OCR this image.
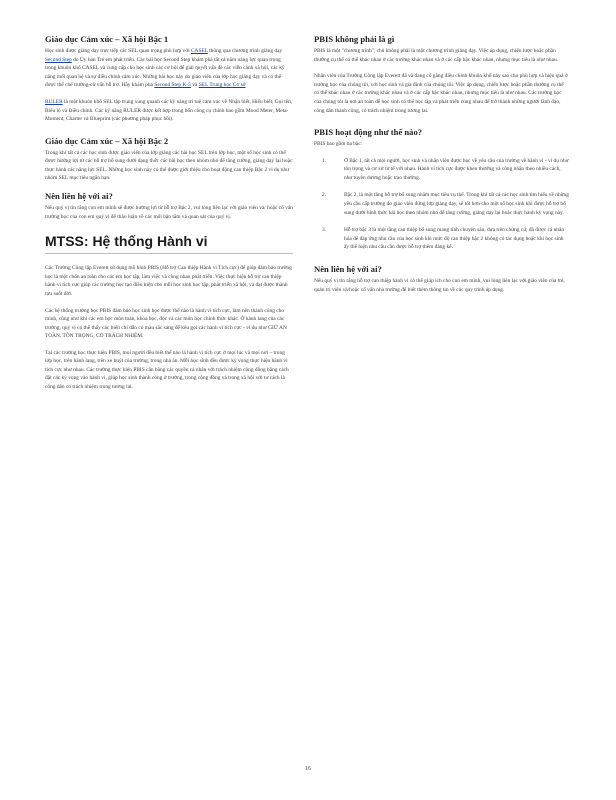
Giáo dục Cảm xúc – Xã hội Bậc 1

Học sinh được giảng dạy trực tiếp các SEL quan trọng phù hợp với CASEL thông qua chương trình giảng dạy Second Step do Ủy ban Trẻ em phát triển. Các bài học Second Step khám phá tất cả năm năng lực quan trọng trong khuôn khổ CASEL và cung cấp cho học sinh các cơ hội để giải quyết vấn đề các viễn cảnh xã hội, các kỹ năng mối quan hệ và sự điều chỉnh cảm xúc. Những bài học này do giáo viên của lớp học giảng dạy và có thể được thể chế trường-cỡ vấn hỗ trợ. Hãy khám phá Second Step K-5 và SEL Trung học Cơ sở

RULER là một khuôn khổ SEL tập trung xung quanh các kỹ năng trí tuệ cảm xúc về Nhận biết, Hiểu biết, Gọi tên, Biểu lộ và Điều chỉnh. Các kỹ năng RULER được kết hợp trong bốn công cụ chính bao gồm Mood Meter, Meta-Moment, Charter và Blueprint (các phương pháp phục hồi).

Giáo dục Cảm xúc – Xã hội Bậc 2

Trong khi tất cả các học sinh được giáo viên của lớp giảng các bài học SEL trên lớp học, một số học sinh có thể được hướng lợi từ các hỗ trợ bổ sung dưới dạng thức các bài học theo nhóm nhỏ để tăng cường, giảng dạy lại hoặc thực hành các năng lực SEL. Những học sinh này có thể được giới thiệu cho hoạt động can thiệp Bậc 2 vì dụ như nhóm SEL mục tiêu ngắn hạn.

Nên liên hệ với ai?

Nếu quý vị tin rằng con em mình sẽ được hưởng lợi từ hỗ trợ Bậc 2, vui lòng liên lạc với giáo viên và/ hoặc cố vấn trường học của con em quý vị để thảo luận về các mối bận tâm và quan sát của quý vị.

MTSS: Hệ thống Hành vi

Các Trường Công lập Everett sử dụng mô hình PBIS (Hỗ trợ Can thiệp Hành vi Tích cực) để giúp đảm bảo trường học là một chốn an toàn cho các em học tập, làm việc và cùng nhau phát triển. Việc thực hiện hỗ trợ can thiệp hành vi tích cực giúp các trường học tạo điều kiện cho mỗi học sinh học tập, phát triển xã hội, và đạt được thành tựu suốt đời.

Các hệ thống trường học PBIS đảm bảo học sinh học được thể nào là hành vi tích cực, làm nên thành công cho mình, cũng như khi các em học môn toán, khoa học, đọc và các môn học chính thức khác. Ở hành lang của các trường, quý vị có thể thấy các biển chỉ dẫn có màu sắc sáng để kêu gọi các hành vi tích cực - ví dụ như GIỮ AN TOÀN, TÔN TRỌNG, CÓ TRÁCH NHIỆM.

Tại các trường học thực hiện PBIS, mọi người đều biết thế nào là hành vi tích cực ở mọi lúc và mọi nơi – trong lớp học, trên hành lang, trên xe buýt của trường, trong nhà ăn. Mỗi học sinh đều được kỳ vọng thực hiện hành vi tích cực như nhau. Các trường thực hiện PBIS cân bằng các quyền cá nhân với trách nhiệm cộng đồng bằng cách đặt các kỳ vọng vào hành vi, giúp học sinh thành công ở trường, trong cộng đồng và trong xã hội với tư cách là công dân có trách nhiệm trong tương lai.

PBIS không phải là gì

PBIS là một "chương trình", chủ không phải là một chương trình giảng dạy. Việc áp dụng, chiến lược hoặc phần thưởng cụ thể có thể khác nhau ở các trường khác nhau và ở các cấp bậc khác nhau, nhưng mục tiêu là như nhau.

Nhân viên của Trường Công lập Everett đã và đang cố gắng điều chỉnh khuôn khổ này sao cho phù hợp và hiệu quả ở trường học của chúng tôi, với học sinh và gia đình của chúng tôi. Việc áp dụng, chiến lược hoặc phần thưởng cụ thể có thể khác nhau ở các trường khác nhau và ở các cấp bậc khác nhau, nhưng mục tiêu là như nhau. Các trường học của chúng tôi là nơi an toàn để học sinh có thể học tập và phát triển cùng nhau để trở thành những người lãnh đạo, công dân thành công, có trách nhiệm trong tương lai.

PBIS hoạt động như thế nào?

PBIS bao gồm ba bậc:

1.	Ở Bậc 1, tất cả mọi người, học sinh và nhân viên được học về yêu cầu của trường về hành vi - ví dụ như tôn trọng và cư xử tử tế với nhau. Hành vi tích cực được khen thưởng và công nhận theo nhiều cách, như tuyên dương hoặc trao thưởng.
2.	Bậc 2, là một tầng hỗ trợ bổ sung nhắm mục tiêu cụ thể. Trong khi tất cả các học sinh tìm hiểu về những yêu cầu cấp trường do giáo viên đứng lớp giảng dạy, sẽ tốt hơn cho một số học sinh khi được hỗ trợ bổ sung dưới hình thức bài học theo nhóm nhỏ để tăng cường, giảng dạy lại hoặc thực hành kỳ vọng này.
3.	Hỗ trợ bậc 3 là một tầng can thiệp bổ sung mang tính chuyên sâu, dựa trên chứng cứ, đã được cá nhân hóa để đáp ứng nhu cầu của học sinh khi mức độ can thiệp bậc 2 không có tác dụng hoặc khi học sinh ấy thể hiện nhu cầu cần được hỗ trợ thêm đáng kể.
Nên liên hệ với ai?

Nếu quý vị tin rằng hỗ trợ can thiệp hành vi có thể giúp ích cho con em mình, vui lòng liên lạc với giáo viên của trẻ, quản trị viên và/hoặc cố vấn nhà trường để biết thêm thông tin về các quy trình áp dụng.

16
